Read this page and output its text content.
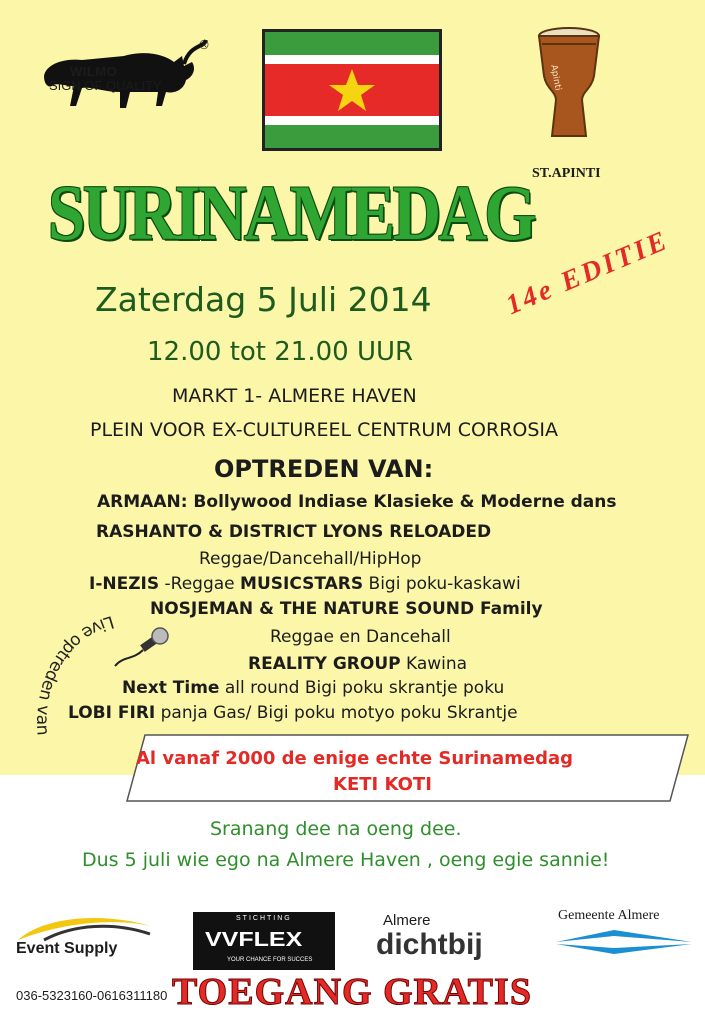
®
WILMO
SIGN OF QUALITY	Apinti
ST.APINTI
SURINAMEDAG
Zaterdag 5 Juli 2014
12.00 tot 21.00 UUR
14e EDITIE
MARKT 1- ALMERE HAVEN
PLEIN VOOR EX-CULTUREEL CENTRUM CORROSIA
OPTREDEN VAN:
ARMAAN: Bollywood Indiase Klasieke & Moderne dans
RASHANTO & DISTRICT LYONS RELOADED
Reggae/Dancehall/HipHop
I-NEZIS -Reggae MUSICSTARS Bigi poku-kaskawi
NOSJEMAN & THE NATURE SOUND Family
Reggae en Dancehall
REALITY GROUP Kawina
Next Time all round Bigi poku skrantje poku
LOBI FIRI panja Gas/ Bigi poku motyo poku Skrantje
Al vanaf 2000 de enige echte Surinamedag
KETI KOTI
Live optreden van
Sranang dee na oeng dee.
Dus 5 juli wie ego na Almere Haven , oeng egie sannie!
Event Supply
STICHTING
VVFLEX
YOUR CHANCE FOR SUCCES
Almere
dichtbij
Gemeente Almere
036-5323160-0616311180 TOEGANG GRATIS
